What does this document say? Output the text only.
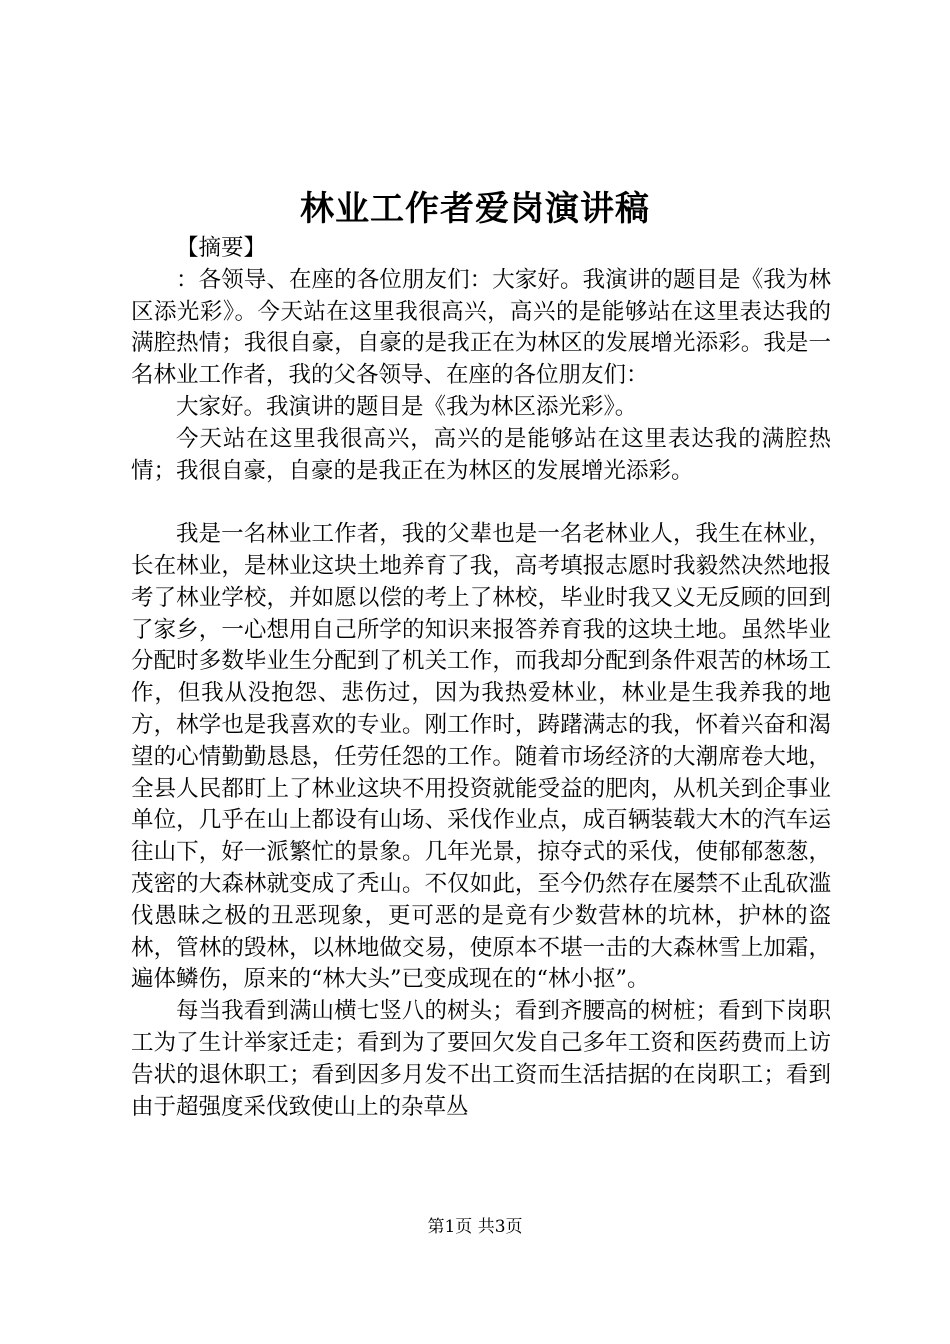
林业工作者爱岗演讲稿

【摘要】

：各领导、在座的各位朋友们：大家好。我演讲的题目是《我为林区添光彩》。今天站在这里我很高兴，高兴的是能够站在这里表达我的满腔热情；我很自豪，自豪的是我正在为林区的发展增光添彩。我是一名林业工作者，我的父各领导、在座的各位朋友们：

大家好。我演讲的题目是《我为林区添光彩》。

今天站在这里我很高兴，高兴的是能够站在这里表达我的满腔热情；我很自豪，自豪的是我正在为林区的发展增光添彩。

我是一名林业工作者，我的父辈也是一名老林业人，我生在林业，长在林业，是林业这块土地养育了我，高考填报志愿时我毅然决然地报考了林业学校，并如愿以偿的考上了林校，毕业时我又义无反顾的回到了家乡，一心想用自己所学的知识来报答养育我的这块土地。虽然毕业分配时多数毕业生分配到了机关工作，而我却分配到条件艰苦的林场工作，但我从没抱怨、悲伤过，因为我热爱林业，林业是生我养我的地方，林学也是我喜欢的专业。刚工作时，踌躇满志的我，怀着兴奋和渴望的心情勤勤恳恳，任劳任怨的工作。随着市场经济的大潮席卷大地，全县人民都盯上了林业这块不用投资就能受益的肥肉，从机关到企事业单位，几乎在山上都设有山场、采伐作业点，成百辆装载大木的汽车运往山下，好一派繁忙的景象。几年光景，掠夺式的采伐，使郁郁葱葱，茂密的大森林就变成了秃山。不仅如此，至今仍然存在屡禁不止乱砍滥伐愚昧之极的丑恶现象，更可恶的是竟有少数营林的坑林，护林的盗林，管林的毁林，以林地做交易，使原本不堪一击的大森林雪上加霜，遍体鳞伤，原来的“林大头”已变成现在的“林小抠”。

每当我看到满山横七竖八的树头；看到齐腰高的树桩；看到下岗职工为了生计举家迁走；看到为了要回欠发自己多年工资和医药费而上访告状的退休职工；看到因多月发不出工资而生活拮据的在岗职工；看到由于超强度采伐致使山上的杂草丛

第1页 共3页
